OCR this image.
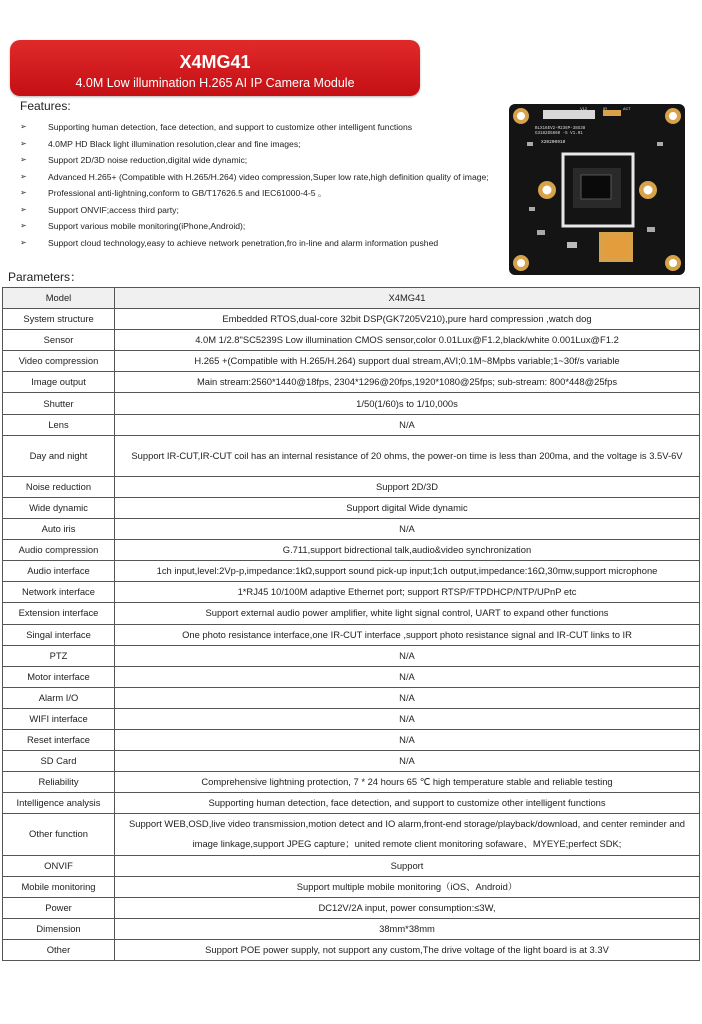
X4MG41
4.0M Low illumination H.265 AI IP Camera Module
Features:
➢	Supporting human detection, face detection, and support to customize other intelligent functions
➢	4.0MP HD Black light illumination resolution,clear and fine images;
➢	Support 2D/3D noise reduction,digital wide dynamic;
➢	Advanced H.265+ (Compatible with H.265/H.264) video compression,Super low rate,high definition quality of image;
➢	Professional anti-lightning,conform to GB/T17626.5 and IEC61000-4-5 。
➢	Support ONVIF;access third party;
➢	Support various mobile monitoring(iPhone,Android);
➢	Support cloud technology,easy to achieve network penetration,fro in-line and alarm information pushed
V12	IR	ACT
BLX16EV2-M236P-38X38
G3182D5660 -5 V1.01
X20200910
Parameters：
Model	X4MG41
System structure	Embedded RTOS,dual-core 32bit DSP(GK7205V210),pure hard compression ,watch dog
Sensor	4.0M 1/2.8"SC5239S Low illumination CMOS sensor,color 0.01Lux@F1.2,black/white 0.001Lux@F1.2
Video compression	H.265 +(Compatible with H.265/H.264) support dual stream,AVI;0.1M~8Mpbs variable;1~30f/s variable
Image output	Main stream:2560*1440@18fps, 2304*1296@20fps,1920*1080@25fps; sub-stream: 800*448@25fps
Shutter	1/50(1/60)s to 1/10,000s
Lens	N/A
Day and night	Support IR-CUT,IR-CUT coil has an internal resistance of 20 ohms, the power-on time is less than 200ma, and the voltage is 3.5V-6V
Noise reduction	Support 2D/3D
Wide dynamic	Support digital Wide dynamic
Auto iris	N/A
Audio compression	G.711,support bidrectional talk,audio&video synchronization
Audio interface	1ch input,level:2Vp-p,impedance:1kΩ,support sound pick-up input;1ch output,impedance:16Ω,30mw,support microphone
Network interface	1*RJ45 10/100M adaptive Ethernet port; support RTSP/FTPDHCP/NTP/UPnP etc
Extension interface	Support external audio power amplifier, white light signal control, UART to expand other functions
Singal interface	One photo resistance interface,one IR-CUT interface ,support photo resistance signal and IR-CUT links to IR
PTZ	N/A
Motor interface	N/A
Alarm I/O	N/A
WIFI interface	N/A
Reset interface	N/A
SD Card	N/A
Reliability	Comprehensive lightning protection, 7 * 24 hours 65 ℃ high temperature stable and reliable testing
Intelligence analysis	Supporting human detection, face detection, and support to customize other intelligent functions
Other function	Support WEB,OSD,live video transmission,motion detect and IO alarm,front-end storage/playback/download, and center reminder and image linkage,support JPEG capture；united remote client monitoring sofaware、MYEYE;perfect SDK;
ONVIF	Support
Mobile monitoring	Support multiple mobile monitoring（iOS、Android）
Power	DC12V/2A input, power consumption:≤3W,
Dimension	38mm*38mm
Other	Support POE power supply, not support any custom,The drive voltage of the light board is at 3.3V
